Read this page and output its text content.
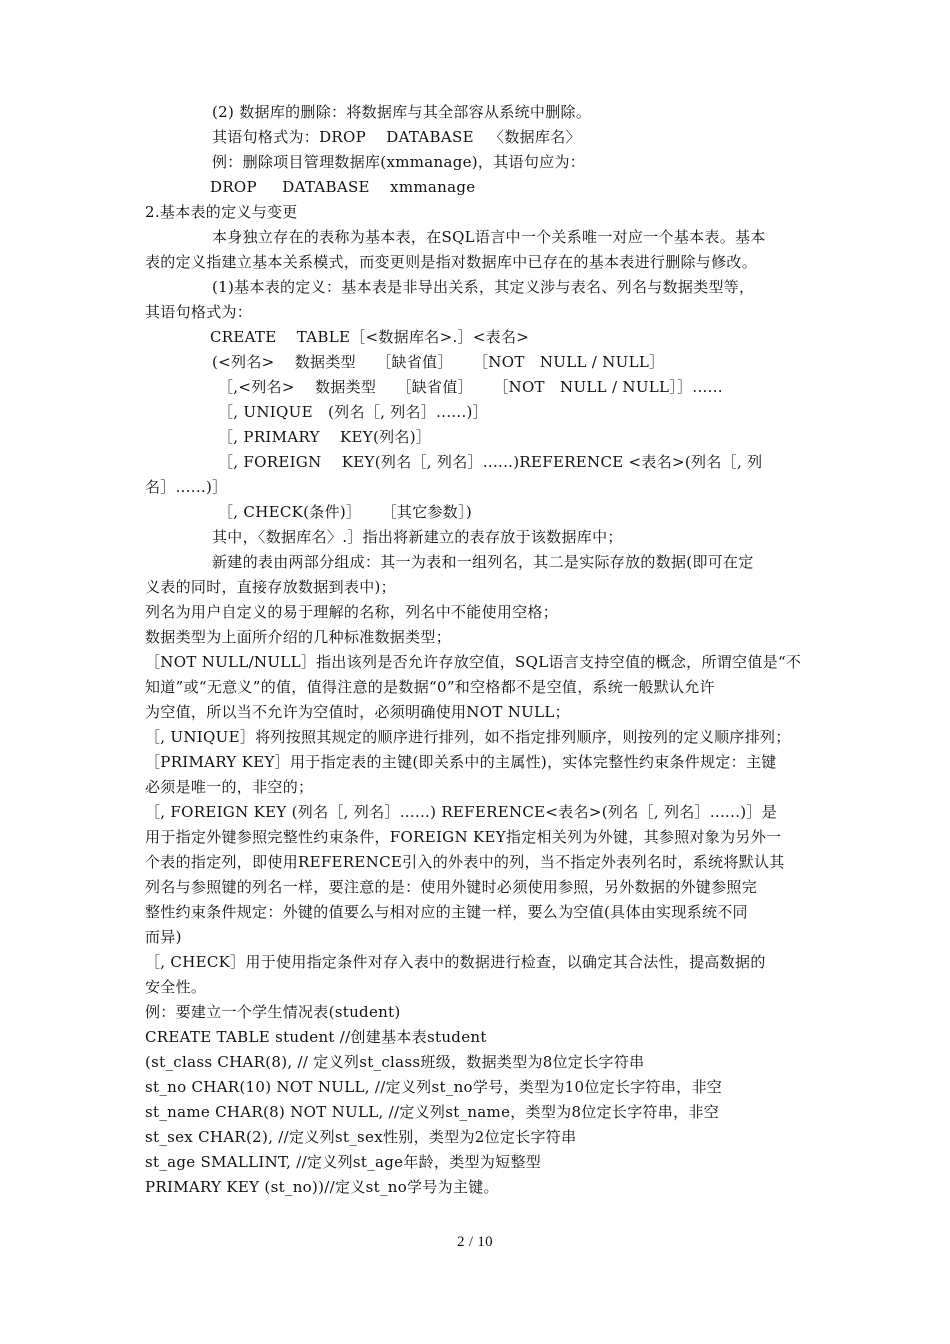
(2) 数据库的删除：将数据库与其全部容从系统中删除。
其语句格式为：DROP    DATABASE   〈数据库名〉
例：删除项目管理数据库(xmmanage)，其语句应为：
DROP     DATABASE    xmmanage
2.基本表的定义与变更
本身独立存在的表称为基本表，在SQL语言中一个关系唯一对应一个基本表。基本
表的定义指建立基本关系模式，而变更则是指对数据库中已存在的基本表进行删除与修改。
(1)基本表的定义：基本表是非导出关系，其定义涉与表名、列名与数据类型等，
其语句格式为：
CREATE    TABLE［<数据库名>.］<表名>
(<列名>    数据类型    ［缺省值］    ［NOT   NULL / NULL］
［,<列名>    数据类型    ［缺省值］    ［NOT   NULL / NULL］］......
［, UNIQUE   (列名［, 列名］......)］
［, PRIMARY    KEY(列名)］
［, FOREIGN    KEY(列名［, 列名］......)REFERENCE <表名>(列名［, 列
名］......)］
［, CHECK(条件)］    ［其它参数］)
其中，〈数据库名〉.］指出将新建立的表存放于该数据库中；
新建的表由两部分组成：其一为表和一组列名，其二是实际存放的数据(即可在定
义表的同时，直接存放数据到表中)；
列名为用户自定义的易于理解的名称，列名中不能使用空格；
数据类型为上面所介绍的几种标准数据类型；
［NOT NULL/NULL］指出该列是否允许存放空值，SQL语言支持空值的概念，所谓空值是“不
知道”或“无意义”的值，值得注意的是数据“0”和空格都不是空值，系统一般默认允许
为空值，所以当不允许为空值时，必须明确使用NOT NULL；
［, UNIQUE］将列按照其规定的顺序进行排列，如不指定排列顺序，则按列的定义顺序排列；
［PRIMARY KEY］用于指定表的主键(即关系中的主属性)，实体完整性约束条件规定：主键
必须是唯一的，非空的；
［, FOREIGN KEY (列名［, 列名］......) REFERENCE<表名>(列名［, 列名］......)］是
用于指定外键参照完整性约束条件，FOREIGN KEY指定相关列为外键，其参照对象为另外一
个表的指定列，即使用REFERENCE引入的外表中的列，当不指定外表列名时，系统将默认其
列名与参照键的列名一样，要注意的是：使用外键时必须使用参照，另外数据的外键参照完
整性约束条件规定：外键的值要么与相对应的主键一样，要么为空值(具体由实现系统不同
而异)
［, CHECK］用于使用指定条件对存入表中的数据进行检查，以确定其合法性，提高数据的
安全性。
例：要建立一个学生情况表(student)
CREATE TABLE student //创建基本表student
(st_class CHAR(8), // 定义列st_class班级，数据类型为8位定长字符串
st_no CHAR(10) NOT NULL, //定义列st_no学号，类型为10位定长字符串，非空
st_name CHAR(8) NOT NULL, //定义列st_name，类型为8位定长字符串，非空
st_sex CHAR(2), //定义列st_sex性别，类型为2位定长字符串
st_age SMALLINT, //定义列st_age年龄，类型为短整型
PRIMARY KEY (st_no))//定义st_no学号为主键。
2 / 10
